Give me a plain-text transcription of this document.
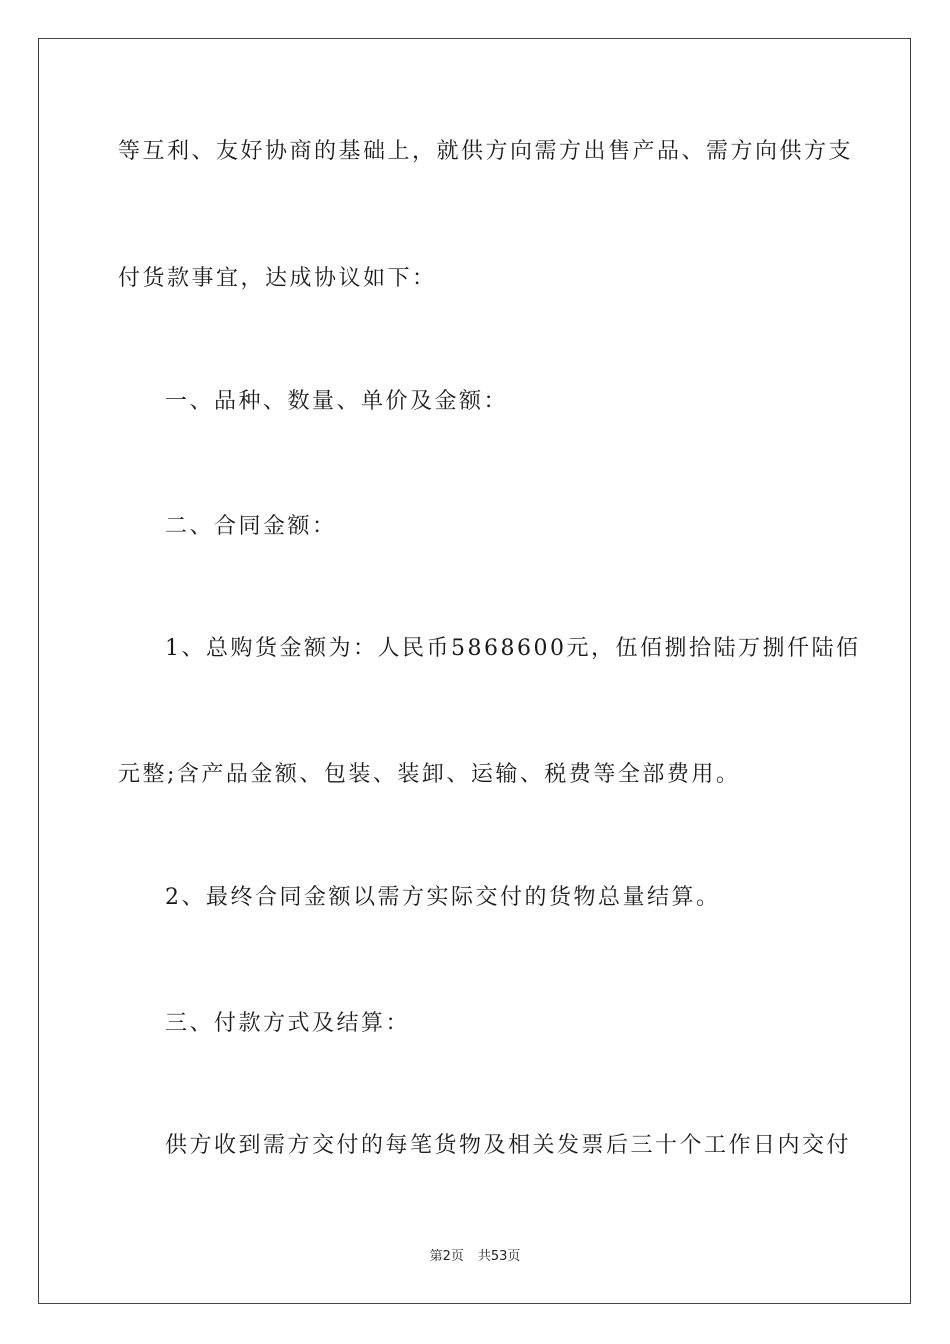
等互利、友好协商的基础上，就供方向需方出售产品、需方向供方支
付货款事宜，达成协议如下：
一、品种、数量、单价及金额：
二、合同金额：
1、总购货金额为：人民币5868600元，伍佰捌拾陆万捌仟陆佰
元整;含产品金额、包装、装卸、运输、税费等全部费用。
2、最终合同金额以需方实际交付的货物总量结算。
三、付款方式及结算：
供方收到需方交付的每笔货物及相关发票后三十个工作日内交付
第2页 共53页
